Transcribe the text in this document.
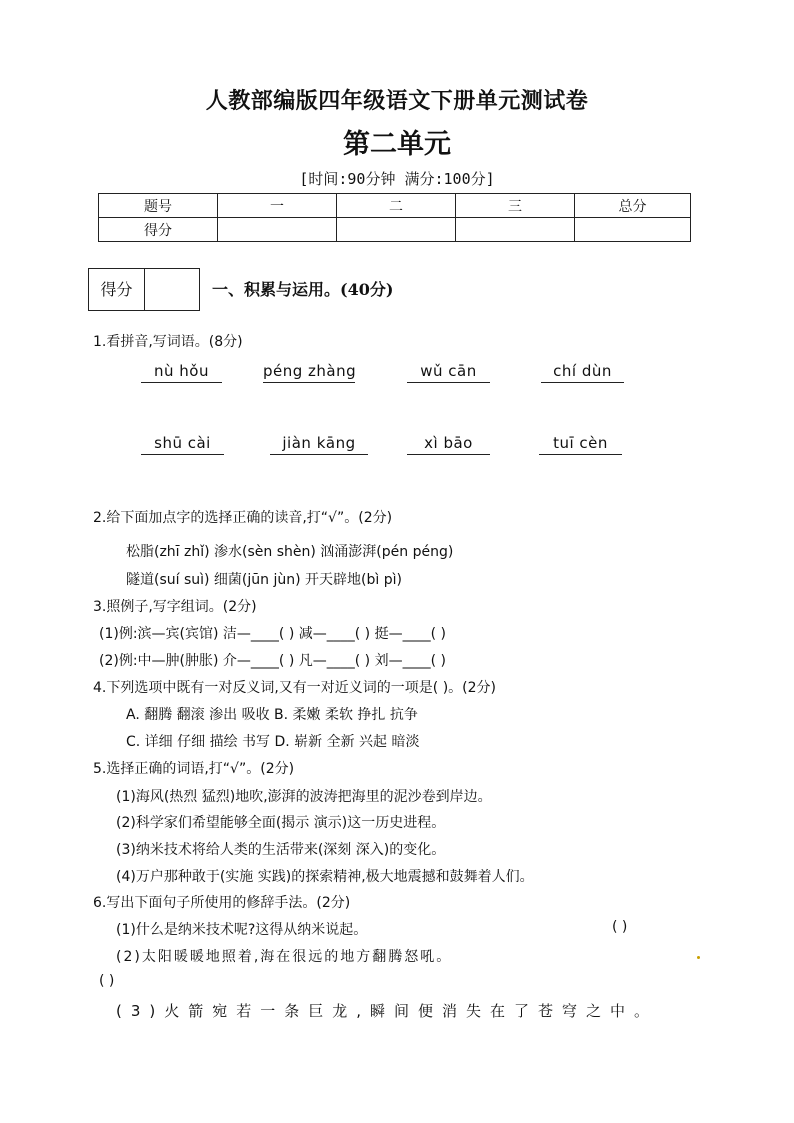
人教部编版四年级语文下册单元测试卷
第二单元
[时间:90分钟 满分:100分]
题号	一	二	三	总分
得分				
得分	一、积累与运用。(40分)
1.看拼音,写词语。(8分)
nù hǒu	péng zhàng	wǔ cān	chí dùn
shū cài	jiàn kāng	xì bāo	tuī cèn
2.给下面加点字的选择正确的读音,打“√”。(2分)
松脂(zhī zhǐ) 渗水(sèn shèn) 汹涌澎湃(pén péng)
隧道(suí suì) 细菌(jūn jùn) 开天辟地(bì pì)
3.照例子,写字组词。(2分)
(1)例:滨—宾(宾馆) 洁—____( ) 减—____( ) 挺—____( )
(2)例:中—肿(肿胀) 介—____( ) 凡—____( ) 刘—____( )
4.下列选项中既有一对反义词,又有一对近义词的一项是( )。(2分)
A. 翻腾 翻滚 渗出 吸收 B. 柔嫩 柔软 挣扎 抗争
C. 详细 仔细 描绘 书写 D. 崭新 全新 兴起 暗淡
5.选择正确的词语,打“√”。(2分)
(1)海风(热烈 猛烈)地吹,澎湃的波涛把海里的泥沙卷到岸边。
(2)科学家们希望能够全面(揭示 演示)这一历史进程。
(3)纳米技术将给人类的生活带来(深刻 深入)的变化。
(4)万户那种敢于(实施 实践)的探索精神,极大地震撼和鼓舞着人们。
6.写出下面句子所使用的修辞手法。(2分)
(1)什么是纳米技术呢?这得从纳米说起。	( )
(2)太阳暖暖地照着,海在很远的地方翻腾怒吼。
( )
(3)火箭宛若一条巨龙,瞬间便消失在了苍穹之中。
